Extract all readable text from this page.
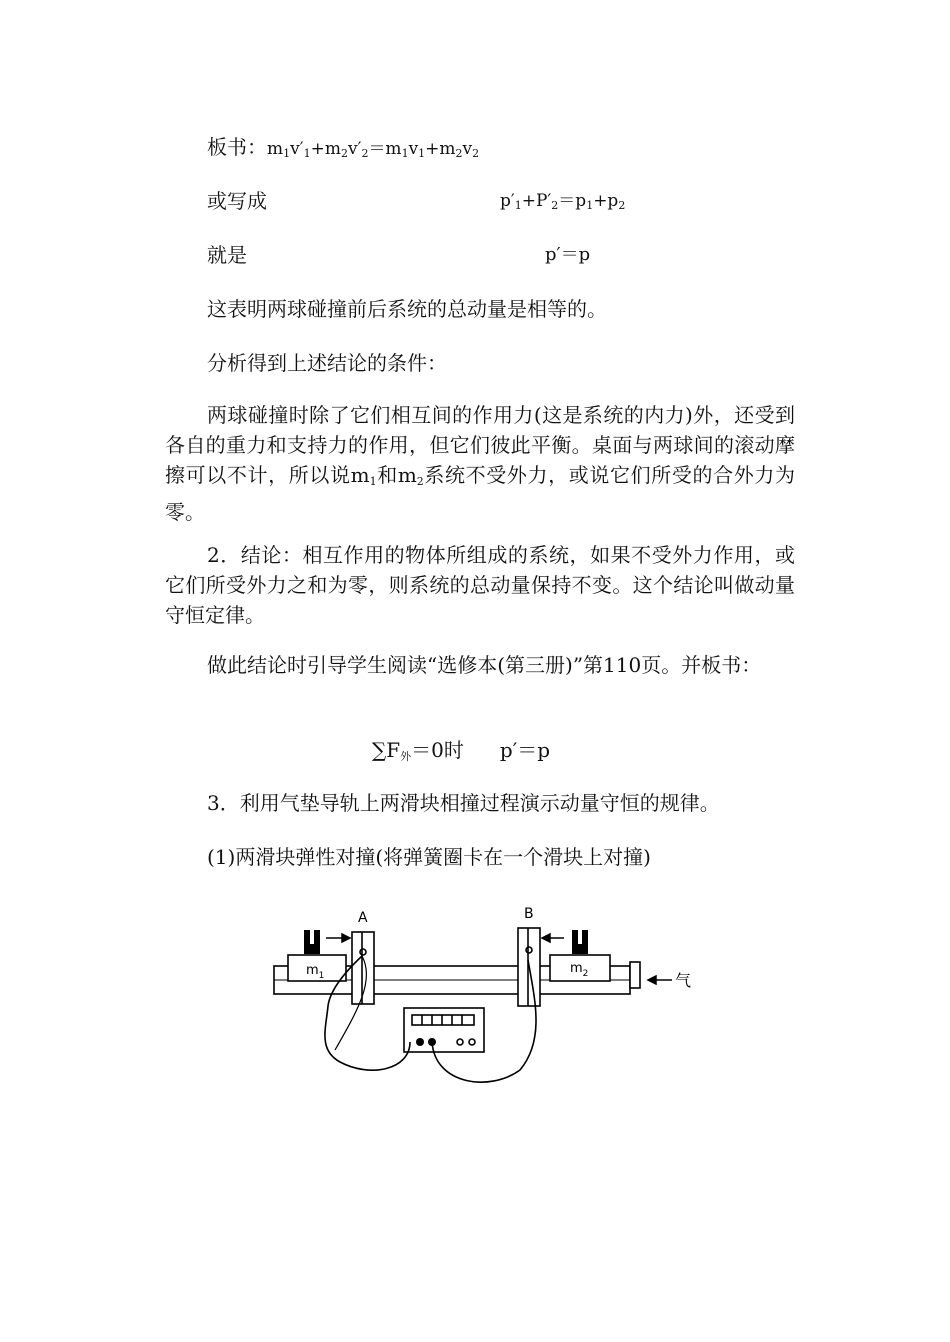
板书：$m_1v'_1+m_2v'_2=m_1v_1+m_2v_2$
或写成	$p'_1+P'_2=p_1+p_2$
就是	p′＝p
这表明两球碰撞前后系统的总动量是相等的。
分析得到上述结论的条件：
两球碰撞时除了它们相互间的作用力(这是系统的内力)外，还受到各自的重力和支持力的作用，但它们彼此平衡。桌面与两球间的滚动摩擦可以不计，所以说$m_1$和$m_2$系统不受外力，或说它们所受的合外力为零。
2．结论：相互作用的物体所组成的系统，如果不受外力作用，或它们所受外力之和为零，则系统的总动量保持不变。这个结论叫做动量守恒定律。
做此结论时引导学生阅读“选修本(第三册)”第110页。并板书：
$\sum F_外=0$时 p′＝p
3．利用气垫导轨上两滑块相撞过程演示动量守恒的规律。
(1)两滑块弹性对撞(将弹簧圈卡在一个滑块上对撞)
A	B
$m_1$	$m_2$	气
